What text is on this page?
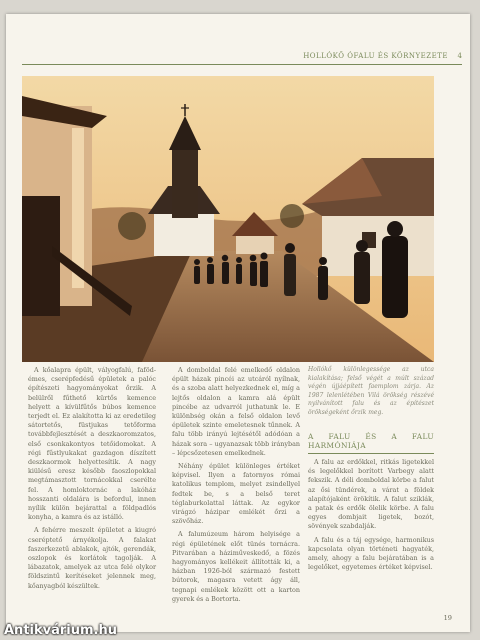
HOLLÓKŐ ÓFALU ÉS KÖRNYEZETE 4

A kőalapra épült, vályogfalú, faföd-émes, cserépfedésű épületek a palóc építészeti hagyományokat őrzik. A belülről fűthető kürtős kemence helyett a kívülfűtős búbos kemence terjedt el. Ez alakította ki az eredetileg sátortetős, füstjukas tetőforma továbbfejlesztését a deszkaoromzatos, első csonkakontyos tetőidomokat. A régi fűstlyukakat gazdagon díszített deszkaormok helyettesítik. A nagy kiülésű eresz később faoszlopokkal megtámasztott tornácokkal cserélte fel. A homloktornác a lakóház hosszanti oldalára is befordul, innen nyílik külön bejárattal a földpadlós konyha, a kamra és az istálló.

A fehérre meszelt épületet a kiugró cseréptető árnyékolja. A falakat faszerkezetű ablakok, ajtók, gerendák, oszlopok és korlátok tagolják. A lábazatok, amelyek az utca felé olykor földszintű kerítéseket jelennek meg, kőanyagból készültek.

A domboldal felé emelkedő oldalon épült házak pincéi az utcáról nyílnak, és a szoba alatt helyezkednek el, míg a lejtős oldalon a kamra alá épült pincébe az udvarról juthatunk le. E különbség okán a felső oldalon levő épületek szinte emeletesnek tűnnek. A falu több irányú lejtésétől adódóan a házak sora – ugyanazsak több irányban – lépcsőzetesen emelkednek.

Néhány épület különleges értéket képvisel. Ilyen a fatornyos római katolikus templom, melyet zsindellyel fedtek be, s a belső teret téglaburkolattal láttak. Az egykor virágzó házipar emlékét őrzi a szövőház.

A falumúzeum három helyisége a régi épületének előt tünés tornácra. Pitvarában a háziműveskedő, a fözés hagyományos kellékeit állították ki, a házban 1926-ból származó festett bútorok, magasra vetett ágy áll, tegnapi emlékek között ott a karton gyerek és a Bortorta.

Hollókő különlegessége az utca kialakítása; felső végét a múlt század végén újjáépített faemplom zárja. Az 1987 lelenlétében Vilá örökség részévé nyilvánított falu és az építészet örökségeként őrzik meg.
A FALU ÉS A FALU HARMÓNIÁJA

A falu az erdőkkel, ritkás ligetekkel és legelőkkel borított Varbegy alatt fekszik. A déli domboldal körbe a falut az ősi tündérek, a várat a földek alapítójaként örökítik. A falut sziklák, a patak és erdők ölelik körbe. A falu egyes dombjait ligetek, bozót, sövények szabdalják.

A falu és a táj egysége, harmonikus kapcsolata olyan történeti hagyaték, amely, ahogy a falu bejáratában is a legelőket, egyetemes értéket képvisel.

19
Antikvárium.hu
